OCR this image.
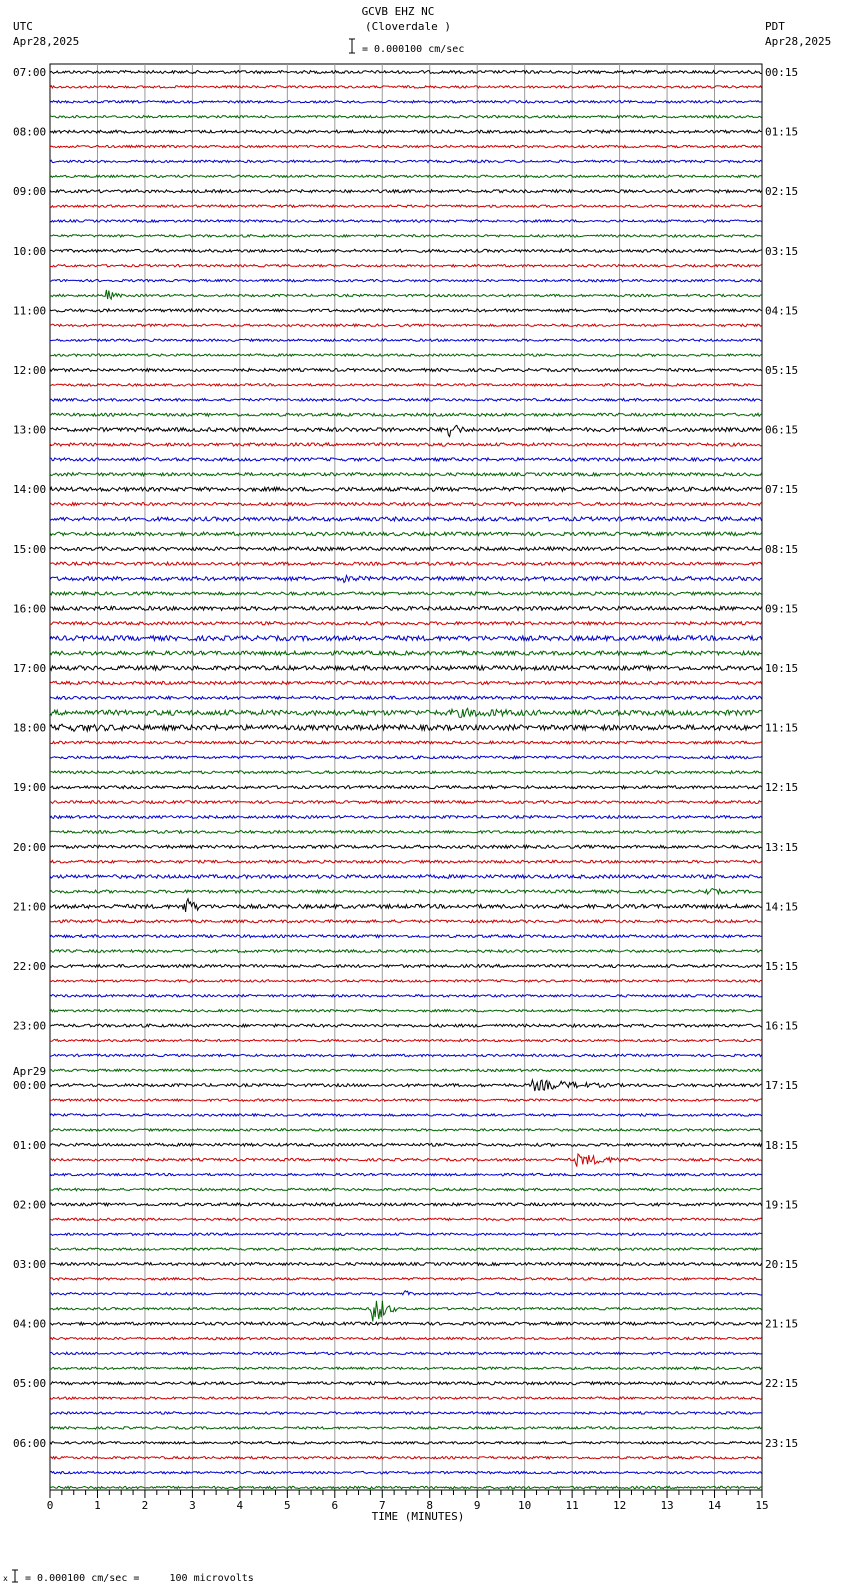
GCVB EHZ NC
(Cloverdale )
UTC
Apr28,2025
PDT
Apr28,2025
= 0.000100 cm/sec
07:00
08:00
09:00
10:00
11:00
12:00
13:00
14:00
15:00
16:00
17:00
18:00
19:00
20:00
21:00
22:00
23:00
00:00
01:00
02:00
03:00
04:00
05:00
06:00
Apr29
00:15
01:15
02:15
03:15
04:15
05:15
06:15
07:15
08:15
09:15
10:15
11:15
12:15
13:15
14:15
15:15
16:15
17:15
18:15
19:15
20:15
21:15
22:15
23:15
0	1	2	3	4	5	6	7	8	9	10	11	12	13	14	15
TIME (MINUTES)
x = 0.000100 cm/sec =     100 microvolts
